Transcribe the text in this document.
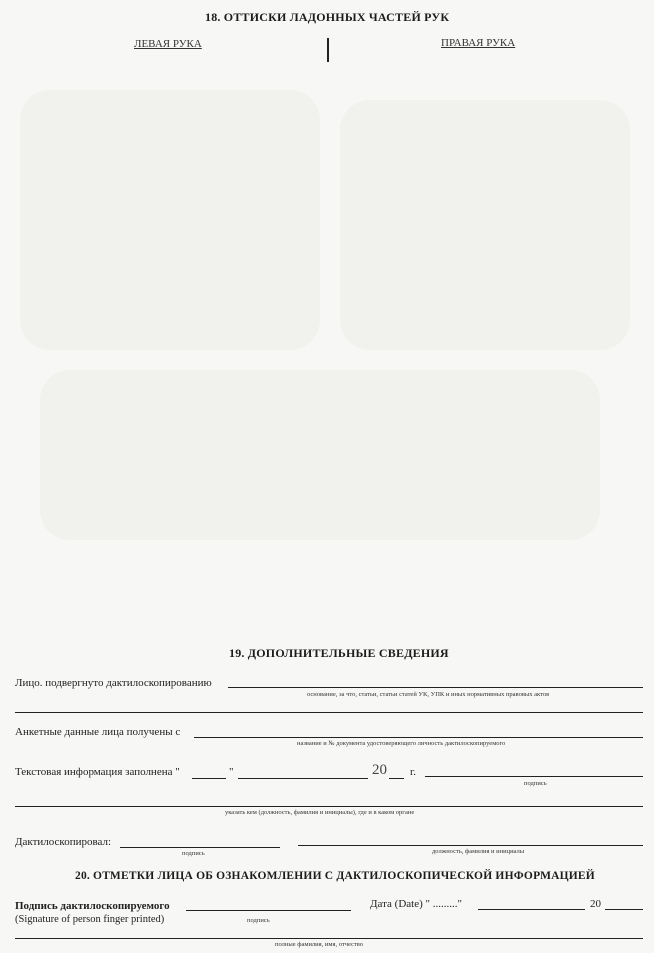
18. ОТТИСКИ ЛАДОННЫХ ЧАСТЕЙ РУК
ЛЕВАЯ РУКА	ПРАВАЯ РУКА
19. ДОПОЛНИТЕЛЬНЫЕ СВЕДЕНИЯ
Лицо. подвергнуто дактилоскопированию
основание, за что, статьи, статьи статей УК, УПК и иных нормативных правовых актов
Анкетные данные лица получены с
название и № документа удостоверяющего личность дактилоскопируемого
Текстовая информация заполнена "	"	20 г.
подпись
указать кем (должность, фамилия и инициалы), где и в каком органе
Дактилоскопировал:
подпись	должность, фамилия и инициалы
20. ОТМЕТКИ ЛИЦА ОБ ОЗНАКОМЛЕНИИ С ДАКТИЛОСКОПИЧЕСКОЙ ИНФОРМАЦИЕЙ
Подпись дактилоскопируемого
(Signature of person finger printed)	подпись
Дата (Date) " ........."	20
полные фамилия, имя, отчество
